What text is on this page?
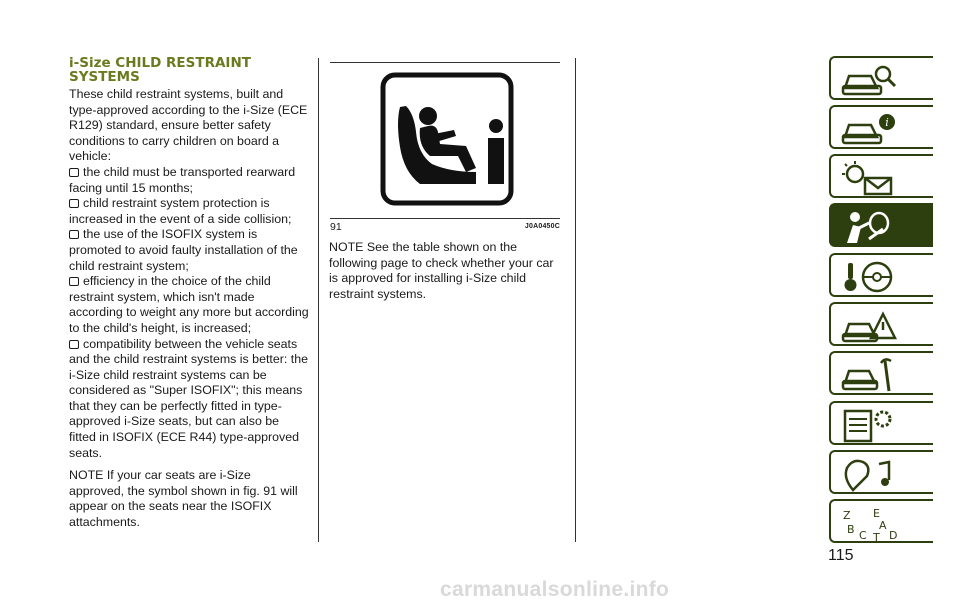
i-Size CHILD RESTRAINT SYSTEMS

These child restraint systems, built and type-approved according to the i-Size (ECE R129) standard, ensure better safety conditions to carry children on board a vehicle:

the child must be transported rearward facing until 15 months;

child restraint system protection is increased in the event of a side collision;

the use of the ISOFIX system is promoted to avoid faulty installation of the child restraint system;

efficiency in the choice of the child restraint system, which isn't made according to weight any more but according to the child's height, is increased;

compatibility between the vehicle seats and the child restraint systems is better: the i-Size child restraint systems can be considered as "Super ISOFIX"; this means that they can be perfectly fitted in type-approved i-Size seats, but can also be fitted in ISOFIX (ECE R44) type-approved seats.

NOTE If your car seats are i-Size approved, the symbol shown in fig. 91 will appear on the seats near the ISOFIX attachments.

91	J0A0450C

NOTE See the table shown on the following page to check whether your car is approved for installing i-Size child restraint systems.

i
Z E
A
B C T D
115
carmanualsonline.info
